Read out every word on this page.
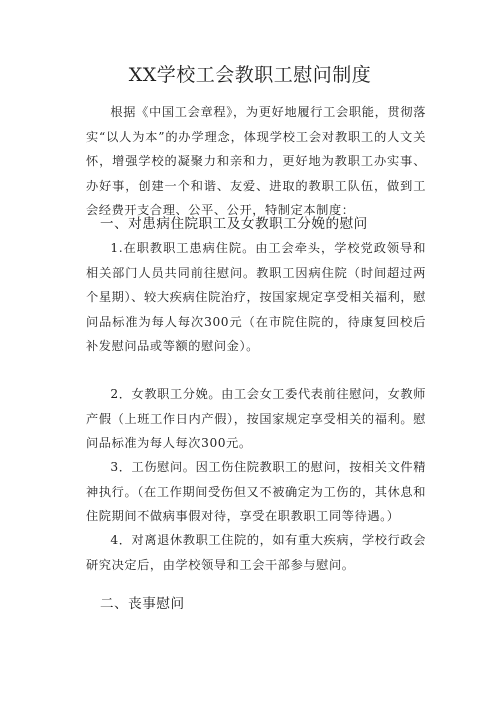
XX学校工会教职工慰问制度
根据《中国工会章程》，为更好地履行工会职能，贯彻落实“以人为本”的办学理念，体现学校工会对教职工的人文关怀，增强学校的凝聚力和亲和力，更好地为教职工办实事、办好事，创建一个和谐、友爱、进取的教职工队伍，做到工会经费开支合理、公平、公开，特制定本制度：
一、对患病住院职工及女教职工分娩的慰问
1.在职教职工患病住院。由工会牵头，学校党政领导和相关部门人员共同前往慰问。教职工因病住院（时间超过两个星期）、较大疾病住院治疗，按国家规定享受相关福利，慰问品标准为每人每次300元（在市院住院的，待康复回校后补发慰问品或等额的慰问金）。
2．女教职工分娩。由工会女工委代表前往慰问，女教师产假（上班工作日内产假），按国家规定享受相关的福利。慰问品标准为每人每次300元。
3．工伤慰问。因工伤住院教职工的慰问，按相关文件精神执行。（在工作期间受伤但又不被确定为工伤的，其休息和住院期间不做病事假对待，享受在职教职工同等待遇。）
4．对离退休教职工住院的，如有重大疾病，学校行政会研究决定后，由学校领导和工会干部参与慰问。
二、丧事慰问
